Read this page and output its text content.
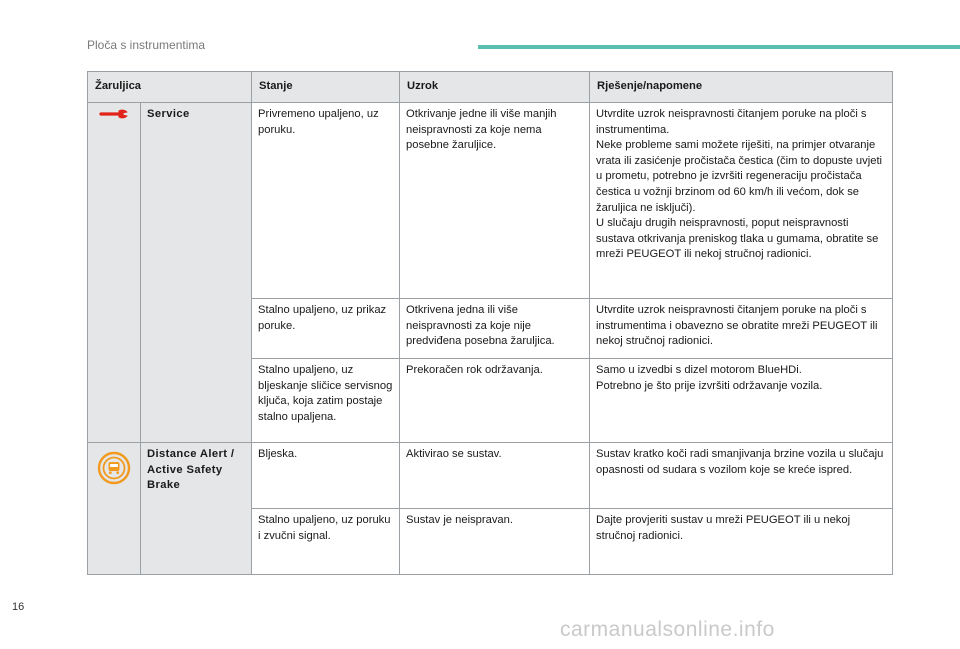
Ploča s instrumentima
Žaruljica		Stanje	Uzrok	Rješenje/napomene

Service	Privremeno upaljeno, uz poruku.	Otkrivanje jedne ili više manjih neispravnosti za koje nema posebne žaruljice.	Utvrdite uzrok neispravnosti čitanjem poruke na ploči s instrumentima.
Neke probleme sami možete riješiti, na primjer otvaranje vrata ili zasićenje pročistača čestica (čim to dopuste uvjeti u prometu, potrebno je izvršiti regeneraciju pročistača čestica u vožnji brzinom od 60 km/h ili većom, dok se žaruljica ne isključi).
U slučaju drugih neispravnosti, poput neispravnosti sustava otkrivanja preniskog tlaka u gumama, obratite se mreži PEUGEOT ili nekoj stručnoj radionici.
		Stalno upaljeno, uz prikaz poruke.	Otkrivena jedna ili više neispravnosti za koje nije predviđena posebna žaruljica.	Utvrdite uzrok neispravnosti čitanjem poruke na ploči s instrumentima i obavezno se obratite mreži PEUGEOT ili nekoj stručnoj radionici.
		Stalno upaljeno, uz bljeskanje sličice servisnog ključa, koja zatim postaje stalno upaljena.	Prekoračen rok održavanja.	Samo u izvedbi s dizel motorom BlueHDi.
Potrebno je što prije izvršiti održavanje vozila.

Distance Alert /
Active Safety
Brake	Bljeska.	Aktivirao se sustav.	Sustav kratko koči radi smanjivanja brzine vozila u slučaju opasnosti od sudara s vozilom koje se kreće ispred.
		Stalno upaljeno, uz poruku i zvučni signal.	Sustav je neispravan.	Dajte provjeriti sustav u mreži PEUGEOT ili u nekoj stručnoj radionici.
16
carmanualsonline.info
